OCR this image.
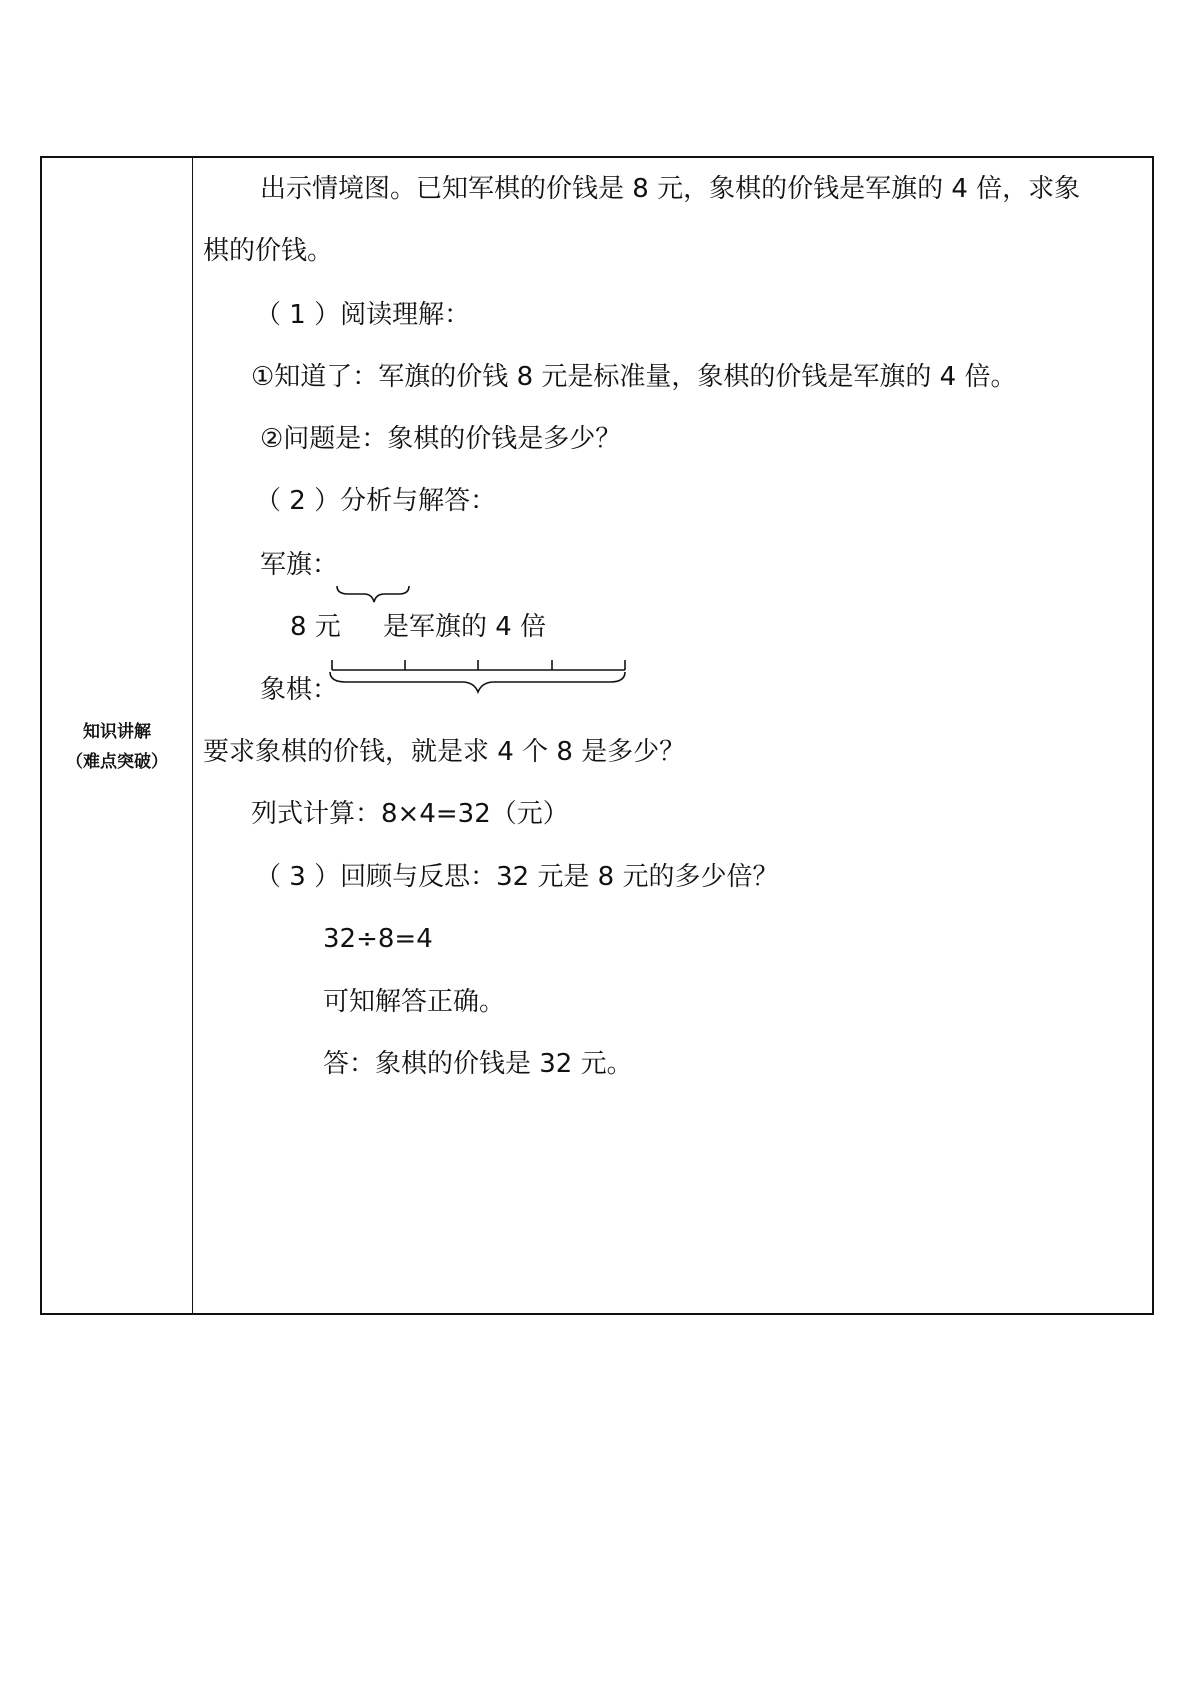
知识讲解
（难点突破）
出示情境图。已知军棋的价钱是 8 元，象棋的价钱是军旗的 4 倍，求象
棋的价钱。
（ 1 ）阅读理解：
①知道了：军旗的价钱 8 元是标准量，象棋的价钱是军旗的 4 倍。
②问题是：象棋的价钱是多少？
（ 2 ）分析与解答：
军旗：
8 元 是军旗的 4 倍
象棋：
要求象棋的价钱，就是求 4 个 8 是多少？
列式计算：8×4=32（元）
（ 3 ）回顾与反思：32 元是 8 元的多少倍？
32÷8=4
可知解答正确。
答：象棋的价钱是 32 元。
